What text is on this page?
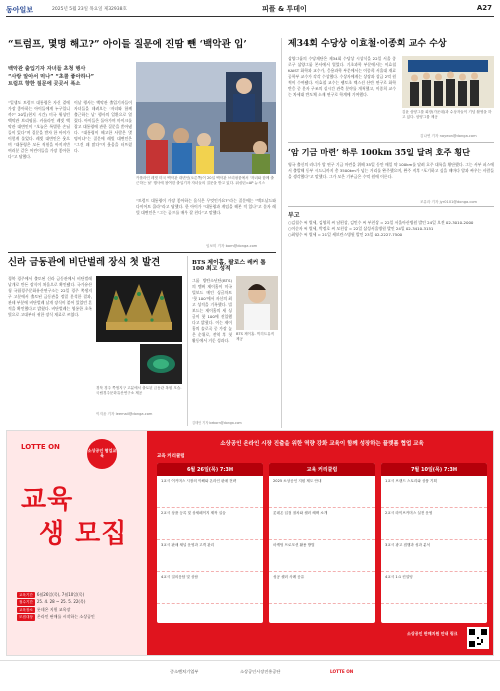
동아일보	2025년 5월 23일 목요일 제32938호	피플 & 투데이	A27
“트럼프, 몇명 해고?” 아이들 질문에 진땀 뺀 ‘백악관 입’

백악관 출입기자 자녀들 초청 행사
“사랑 알아서 먹나” “초콜 좋아하나”
트럼프 향한 질문에 곳곳서 폭소

“일생도 트럼프 대통령은 자신 곁에 가장 좋아하는 아이들에게 누구입니까?” 20일(현지 시간) 미국 워싱턴 백악관 브리핑룸. 카롤라인 레빗 백악관 대변인이 “오늘은 특별한 손님들이 있다”며 질문을 받자 한 아이가 이렇게 물었다. 레빗 대변인은 웃으며 “대통령은 모든 직원을 아끼지만 여러분 같은 어린이들을 가장 좋아한다”고 답했다.

이날 행사는 백악관 출입기자들이 자녀들을 데려오는 ‘자녀와 함께 출근하는 날’ 행사의 일환으로 열렸다. 아이들은 돌아가며 마이크를 잡고 대통령에 관한 질문을 쏟아냈다. “대통령이 해고한 사람은 몇 명이냐”는 질문에 레빗 대변인은 “그건 꽤 많다”며 웃음을 터뜨렸다.

카롤라인 레빗 미국 백악관 대변인(오른쪽)이 20일 백악관 브리핑룸에서 ‘자녀와 함께 출근하는 날’ 행사에 참여한 출입기자 자녀들의 질문을 받고 있다. 워싱턴=AP 뉴시스

“트럼프 대통령이 가장 좋아하는 음식은 무엇인가요?”라는 질문에는 “맥도날드와 다이어트 콜라”라고 답했다. 한 아이가 “대통령과 게임을 해본 적 있나”고 묻자 레빗 대변인은 “그는 골프를 매우 잘 친다”고 말했다.

임보미 기자 bom@donga.com

제34회 수당상 이효철·이종희 교수 수상

삼양그룹의 수당재단은 제34회 수당상 시상식을 22일 서울 종로구 삼양그룹 본사에서 열었다. 기초과학 부문에서는 이효철 KAIST 화학과 교수가, 응용과학 부문에서는 이종희 서울대 재료공학부 교수가 각각 수상했다. 수상자에게는 상장과 상금 2억 원씩이 수여됐다. 이효철 교수는 펨토초 엑스선 산란 연구로 화학 반응 중 분자 구조의 실시간 관측 분야를 개척했고, 이종희 교수는 차세대 반도체 소재 연구로 학계에 기여했다.

김윤 삼양그룹 회장(가운데)과 수상자들이 기념 촬영을 하고 있다. 삼양그룹 제공

김나연 기자 nayeon@donga.com

‘암 기금 마련’ 하루 100km 35일 달려 호주 횡단

영국 출신의 러너가 암 연구 기금 마련을 위해 35일 동안 매일 약 100km를 달려 호주 대륙을 횡단했다. 그는 서부 퍼스에서 출발해 동부 시드니까지 총 3500km가 넘는 거리를 완주했으며, 완주 직후 “포기하고 싶을 때마다 암과 싸우는 사람들을 생각했다”고 말했다. 그가 모은 기부금은 수억 원에 이른다.

조유라 기자 jyr0101@donga.com

부고

○김철수 씨 별세, 김영희 씨 남편상, 김민수 씨 부친상 = 22일 서울아산병원 발인 24일 오전 02-3010-2000
○이순자 씨 별세, 박정호 씨 모친상 = 22일 삼성서울병원 발인 24일 02-3410-3151
○최영수 씨 별세 = 21일 세브란스병원 발인 23일 02-2227-7500

신라 금동관에 비단벌레 장식 첫 발견

경북 경주에서 출토된 신라 금동관에서 비단벌레 날개로 만든 장식이 처음으로 확인됐다. 국가유산청 국립경주문화유산연구소는 22일 경주 쪽샘지구 고분에서 출토된 금동관을 정밀 분석한 결과, 관테 부분에 비단벌레 날개 장식이 붙어 있었던 흔적을 확인했다고 밝혔다. 비단벌레는 영롱한 초록빛으로 고대부터 귀한 장식 재료로 쓰였다.

경북 경주 쪽샘지구 고분에서 출토된 금동관 복원 모습. 국립경주문화유산연구소 제공

이지윤 기자 leemail@donga.com

BTS 제이홉, 팔로스 레커 톱 100 최고 성적

그룹 방탄소년단(BTS)의 멤버 제이홉이 미국 빌보드 메인 싱글차트 ‘핫 100’에서 자신의 최고 성적을 기록했다. 빌보드는 제이홉의 새 싱글이 핫 100에 진입했다고 밝혔다. 이는 제이홉의 솔로곡 중 가장 높은 순위로, 전역 후 첫 활동에서 거둔 성과다.

BTS 제이홉. 빅히트뮤직 제공

김태언 기자 beborn@donga.com

LOTTE ON	소상공인 협업교육
교육
생 모집
교육기간 6월26일(목), 7월10일(목)
접수기간 25. 4. 28 ~ 25. 5. 22(목)
교육장소 롯데온 지원 교육장
모집대상 온라인 판매를 시작하는 소상공인
소상공인 온라인 시장 진출을 위한 역량 강화 교육이 함께 성장하는 플랫폼 협업 교육
교육 커리큘럼
6월 26일(목) 7:3H
1교시 이커머스 시장의 이해와 온라인 판매 전략
2교시 상품 등록 및 상세페이지 제작 실습
3교시 판매 채널 운영과 고객 관리
4교시 질의응답 및 상담
교육 커리큘럼
2025 소상공인 지원 제도 안내
롯데온 입점 절차와 셀러 혜택 소개
마케팅 프로모션 활용 방법
성공 셀러 사례 공유
7월 10일(목) 7:3H
1교시 브랜드 스토리와 상품 기획
2교시 라이브커머스 실전 운영
3교시 광고 집행과 성과 분석
4교시 1:1 컨설팅
소상공인 판매지원 안내 링크
중소벤처기업부	소상공인시장진흥공단	LOTTE ON
